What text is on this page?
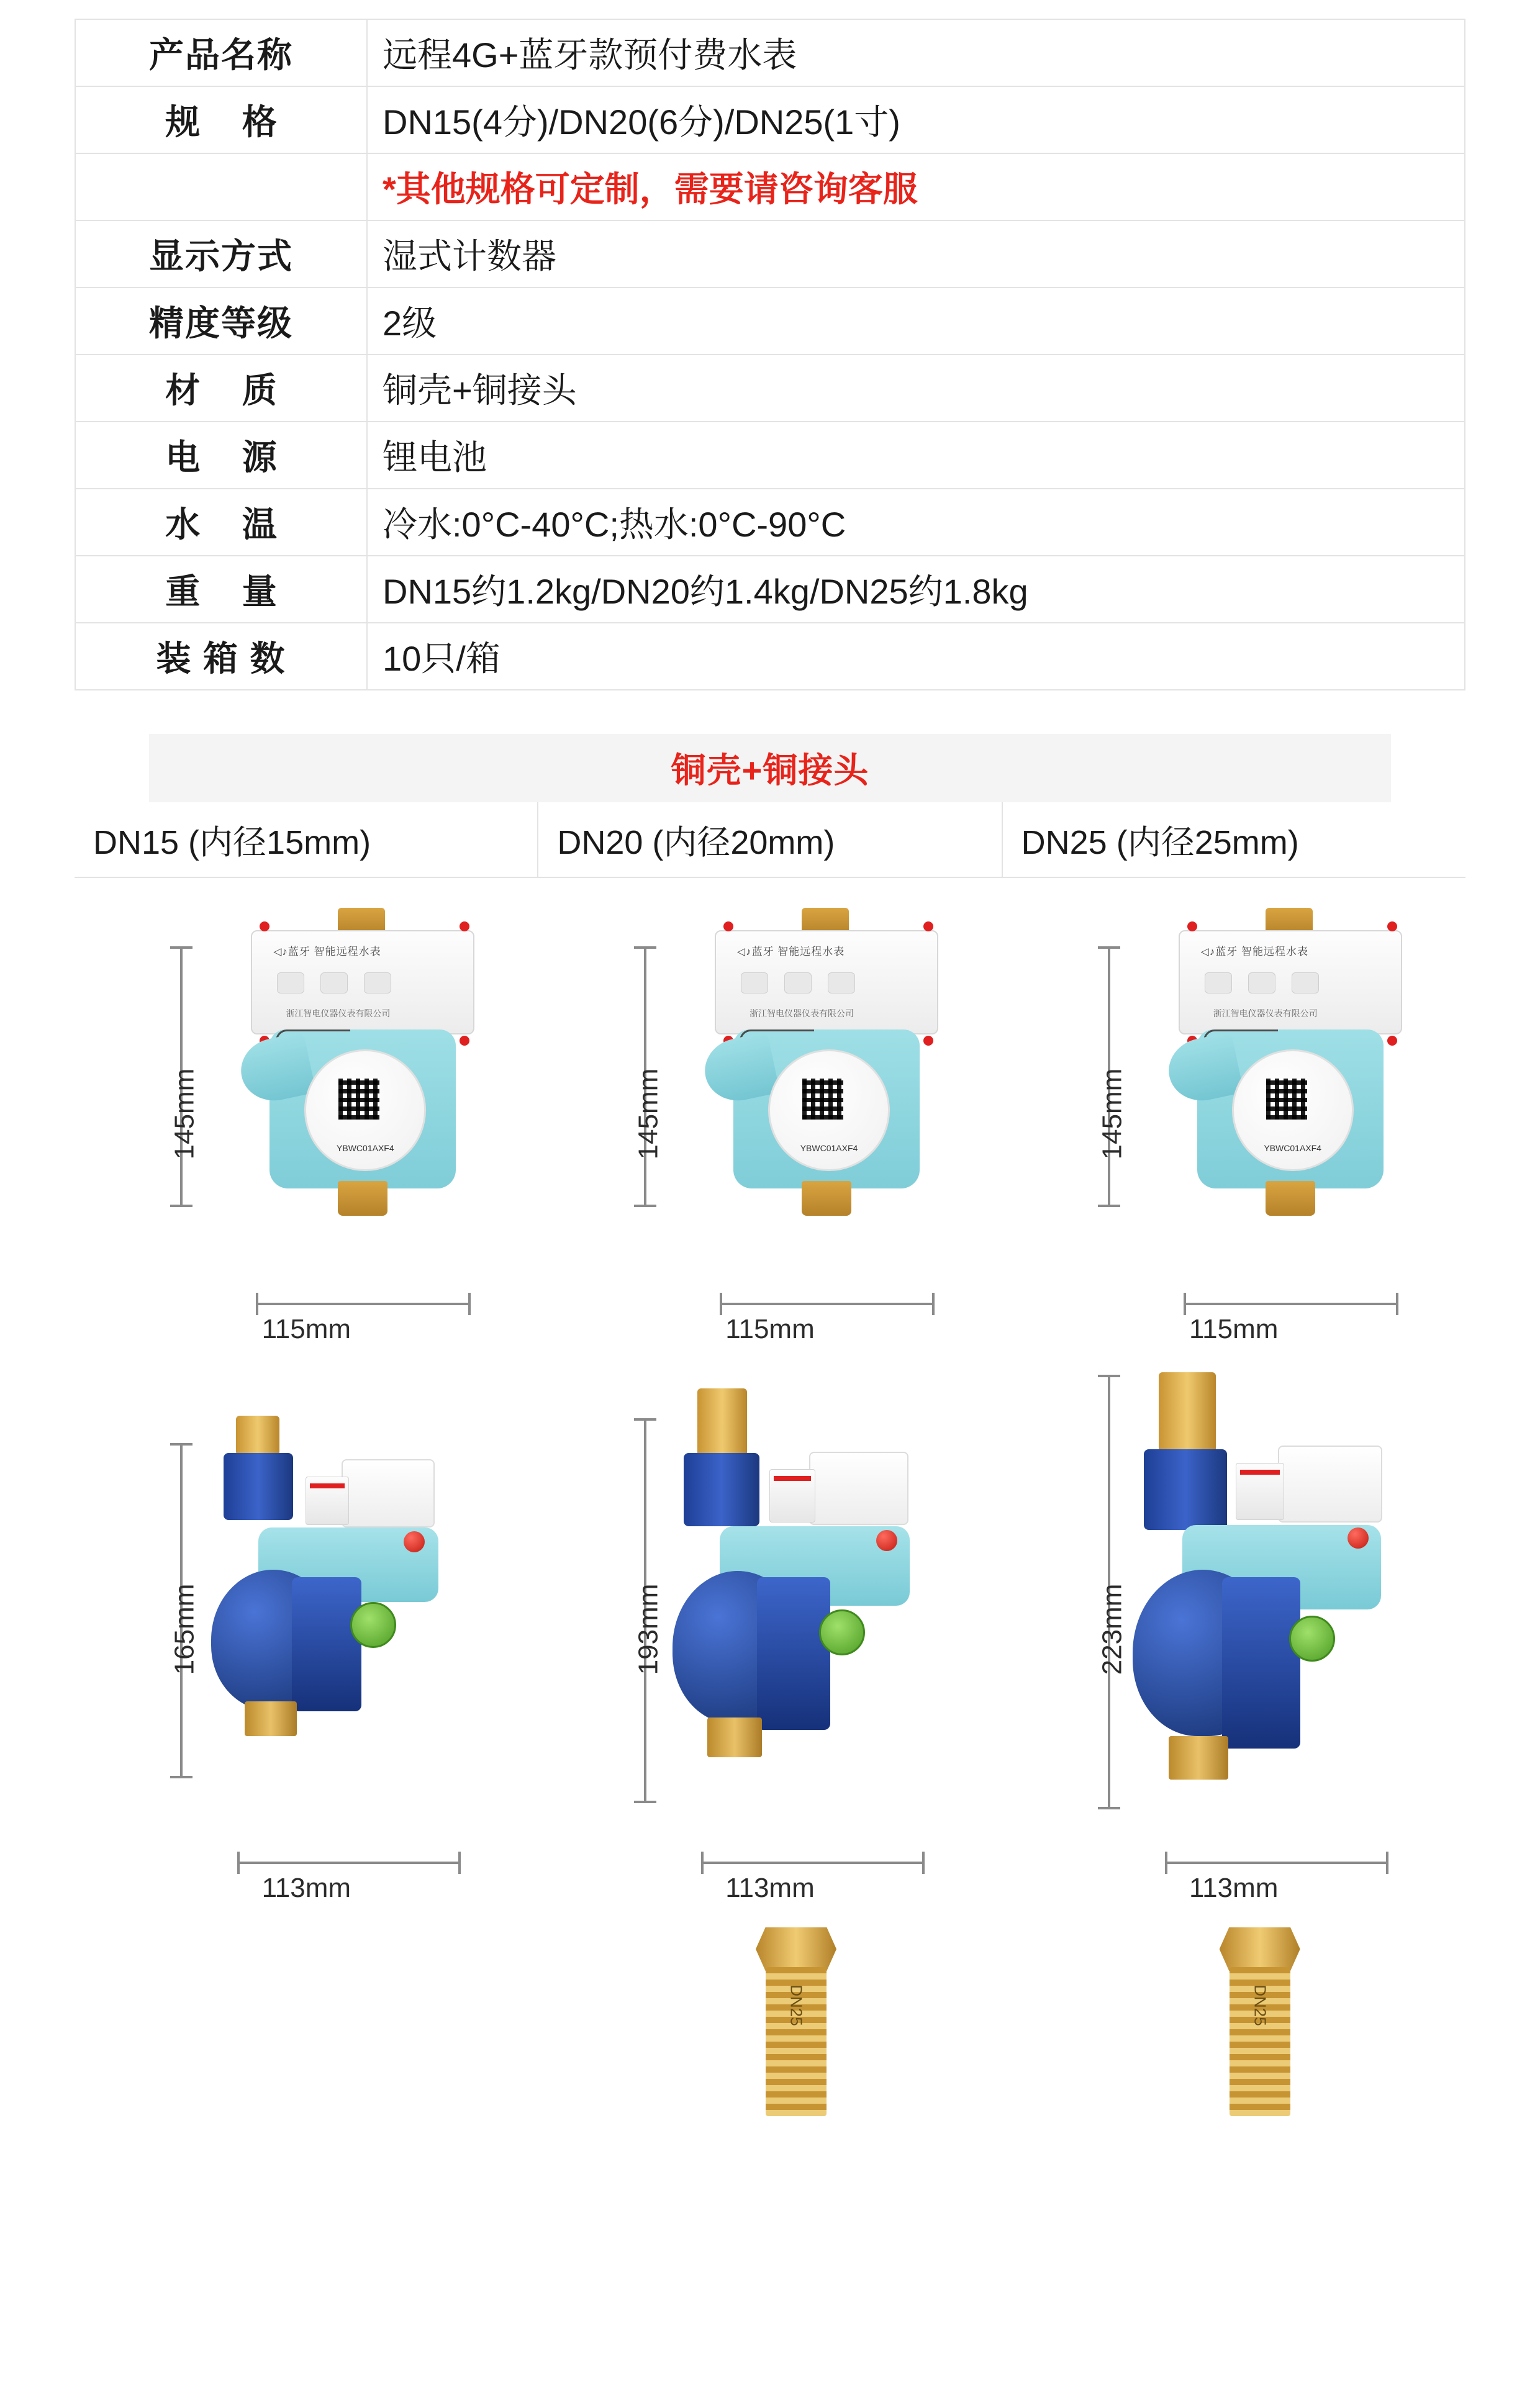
产品名称	远程4G+蓝牙款预付费水表
规 格	DN15(4分)/DN20(6分)/DN25(1寸)
	*其他规格可定制，需要请咨询客服
显示方式	湿式计数器
精度等级	2级
材 质	铜壳+铜接头
电 源	锂电池
水 温	冷水:0°C-40°C;热水:0°C-90°C
重 量	DN15约1.2kg/DN20约1.4kg/DN25约1.8kg
装 箱 数	10只/箱
铜壳+铜接头
DN15 (内径15mm)	DN20 (内径20mm)	DN25 (内径25mm)
145mm
◁♪蓝牙 智能远程水表
浙江智电仪器仪表有限公司
YBWC01AXF4
115mm
145mm
◁♪蓝牙 智能远程水表
浙江智电仪器仪表有限公司
YBWC01AXF4
115mm
145mm
◁♪蓝牙 智能远程水表
浙江智电仪器仪表有限公司
YBWC01AXF4
115mm
165mm
113mm
193mm
113mm
223mm
113mm
DN25	DN25
